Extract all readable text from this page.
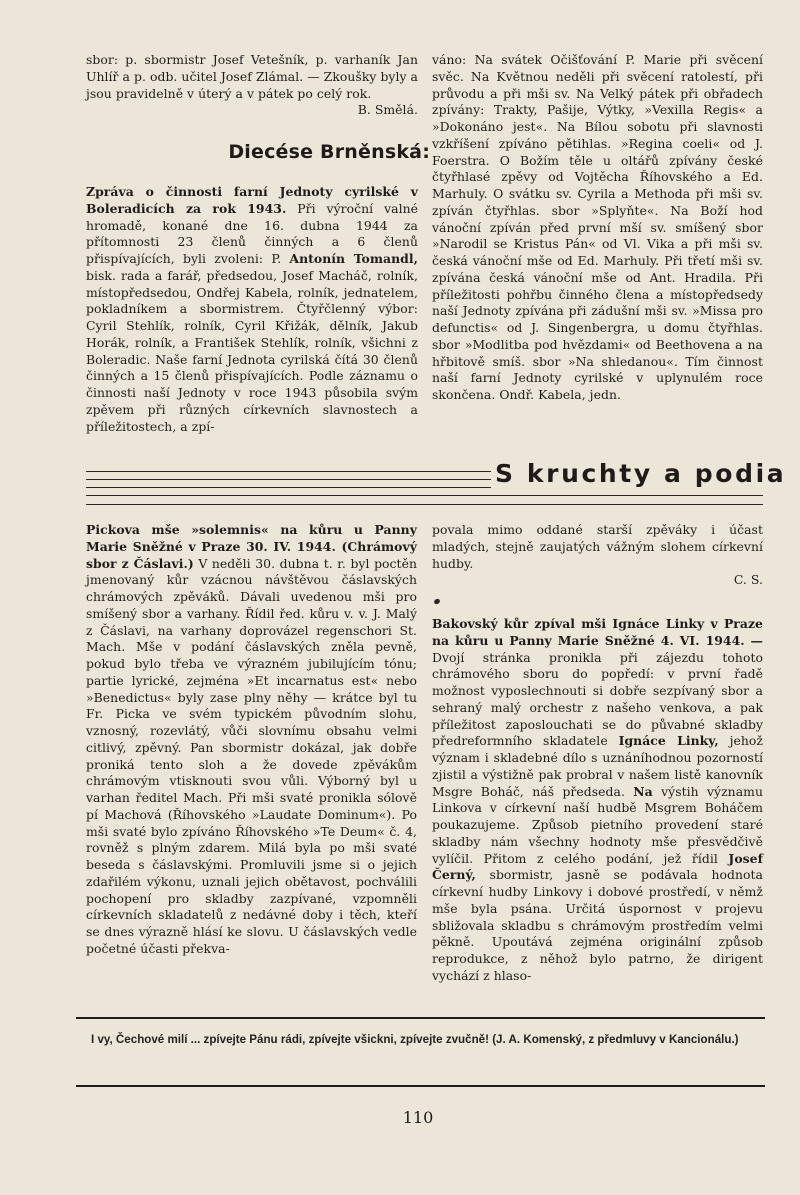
sbor: p. sbormistr Josef Vetešník, p. varhaník Jan Uhlíř a p. odb. učitel Josef Zlámal. — Zkoušky byly a jsou pravidelně v úterý a v pátek po celý rok.
B. Smělá.

Diecése Brněnská:

Zpráva o činnosti farní Jednoty cyrilské v Boleradicích za rok 1943. Při výroční valné hromadě, konané dne 16. dubna 1944 za přítomnosti 23 členů činných a 6 členů přispívajících, byli zvoleni: P. Antonín Tomandl, bisk. rada a farář, předsedou, Josef Macháč, rolník, místopředsedou, Ondřej Kabela, rolník, jednatelem, pokladníkem a sbormistrem. Čtyřčlenný výbor: Cyril Stehlík, rolník, Cyril Křižák, dělník, Jakub Horák, rolník, a František Stehlík, rolník, všichni z Boleradic. Naše farní Jednota cyrilská čítá 30 členů činných a 15 členů přispívajících. Podle záznamu o činnosti naší Jednoty v roce 1943 působila svým zpěvem při různých církevních slavnostech a příležitostech, a zpí-

váno: Na svátek Očišťování P. Marie při svěcení svěc. Na Květnou neděli při svěcení ratolestí, při průvodu a při mši sv. Na Velký pátek při obřadech zpívány: Trakty, Pašije, Výtky, »Vexilla Regis« a »Dokonáno jest«. Na Bílou sobotu při slavnosti vzkříšení zpíváno pětihlas. »Regina coeli« od J. Foerstra. O Božím těle u oltářů zpívány české čtyřhlasé zpěvy od Vojtěcha Říhovského a Ed. Marhuly. O svátku sv. Cyrila a Methoda při mši sv. zpíván čtyřhlas. sbor »Splyňte«. Na Boží hod vánoční zpíván před první mší sv. smíšený sbor »Narodil se Kristus Pán« od Vl. Vika a při mši sv. česká vánoční mše od Ed. Marhuly. Při třetí mši sv. zpívána česká vánoční mše od Ant. Hradila. Při příležitosti pohřbu činného člena a místopředsedy naší Jednoty zpívána při zádušní mši sv. »Missa pro defunctis« od J. Singenbergra, u domu čtyřhlas. sbor »Modlitba pod hvězdami« od Beethovena a na hřbitově smíš. sbor »Na shledanou«. Tím činnost naší farní Jednoty cyrilské v uplynulém roce skončena. Ondř. Kabela, jedn.

S kruchty a podia

Pickova mše »solemnis« na kůru u Panny Marie Sněžné v Praze 30. IV. 1944. (Chrámový sbor z Čáslavi.) V neděli 30. dubna t. r. byl poctěn jmenovaný kůr vzácnou návštěvou čáslavských chrámových zpěváků. Dávali uvedenou mši pro smíšený sbor a varhany. Řídil řed. kůru v. v. J. Malý z Čáslavi, na varhany doprovázel regenschori St. Mach. Mše v podání čáslavských zněla pevně, pokud bylo třeba ve výrazném jubilujícím tónu; partie lyrické, zejména »Et incarnatus est« nebo »Benedictus« byly zase plny něhy — krátce byl tu Fr. Picka ve svém typickém původním slohu, vznosný, rozevlátý, vůči slovnímu obsahu velmi citlivý, zpěvný. Pan sbormistr dokázal, jak dobře proniká tento sloh a že dovede zpěvákům chrámovým vtisknouti svou vůli. Výborný byl u varhan ředitel Mach. Při mši svaté pronikla sólově pí Machová (Říhovského »Laudate Dominum«). Po mši svaté bylo zpíváno Říhovského »Te Deum« č. 4, rovněž s plným zdarem. Milá byla po mši svaté beseda s čáslavskými. Promluvili jsme si o jejich zdařilém výkonu, uznali jejich obětavost, pochválili pochopení pro skladby zazpívané, vzpomněli církevních skladatelů z nedávné doby i těch, kteří se dnes výrazně hlásí ke slovu. U čáslavských vedle početné účasti překva-

povala mimo oddané starší zpěváky i účast mladých, stejně zaujatých vážným slohem církevní hudby.
C. S.

Bakovský kůr zpíval mši Ignáce Linky v Praze na kůru u Panny Marie Sněžné 4. VI. 1944. — Dvojí stránka pronikla při zájezdu tohoto chrámového sboru do popředí: v první řadě možnost vyposlechnouti si dobře sezpívaný sbor a sehraný malý orchestr z našeho venkova, a pak příležitost zaposlouchati se do půvabné skladby předreformního skladatele Ignáce Linky, jehož význam i skladebné dílo s uznáníhodnou pozorností zjistil a výstižně pak probral v našem listě kanovník Msgre Boháč, náš předseda. Na výstih významu Linkova v církevní naší hudbě Msgrem Boháčem poukazujeme. Způsob pietního provedení staré skladby nám všechny hodnoty mše přesvědčivě vylíčil. Přitom z celého podání, jež řídil Josef Černý, sbormistr, jasně se podávala hodnota církevní hudby Linkovy i dobové prostředí, v němž mše byla psána. Určitá úspornost v projevu sbližovala skladbu s chrámovým prostředím velmi pěkně. Upoutává zejména originální způsob reprodukce, z něhož bylo patrno, že dirigent vychází z hlaso-

I vy, Čechové milí ... zpívejte Pánu rádi, zpívejte všickni, zpívejte zvučně! (J. A. Komenský, z předmluvy v Kancionálu.)
110
